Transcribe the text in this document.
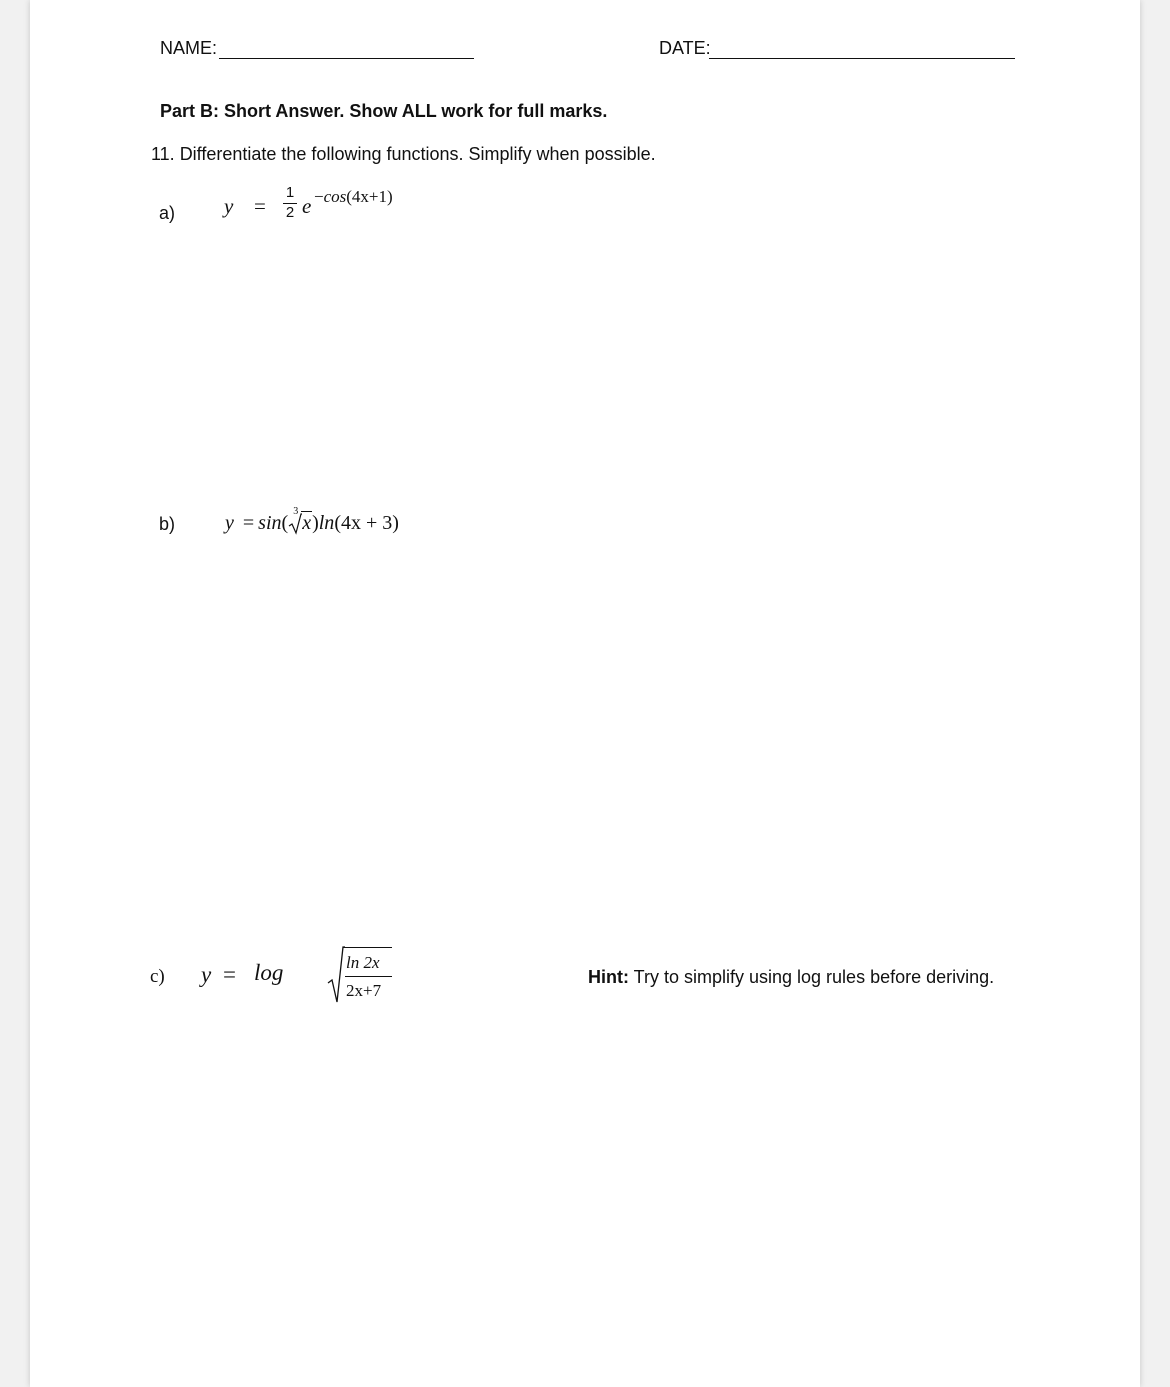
NAME:	DATE:
Part B: Short Answer. Show ALL work for full marks.
11. Differentiate the following functions. Simplify when possible.
a) y =
1
2 e −cos(4x+1)
b) y = sin(
3
x)ln(4x + 3)
c) y = log	ln 2x
2x+7
Hint: Try to simplify using log rules before deriving.
